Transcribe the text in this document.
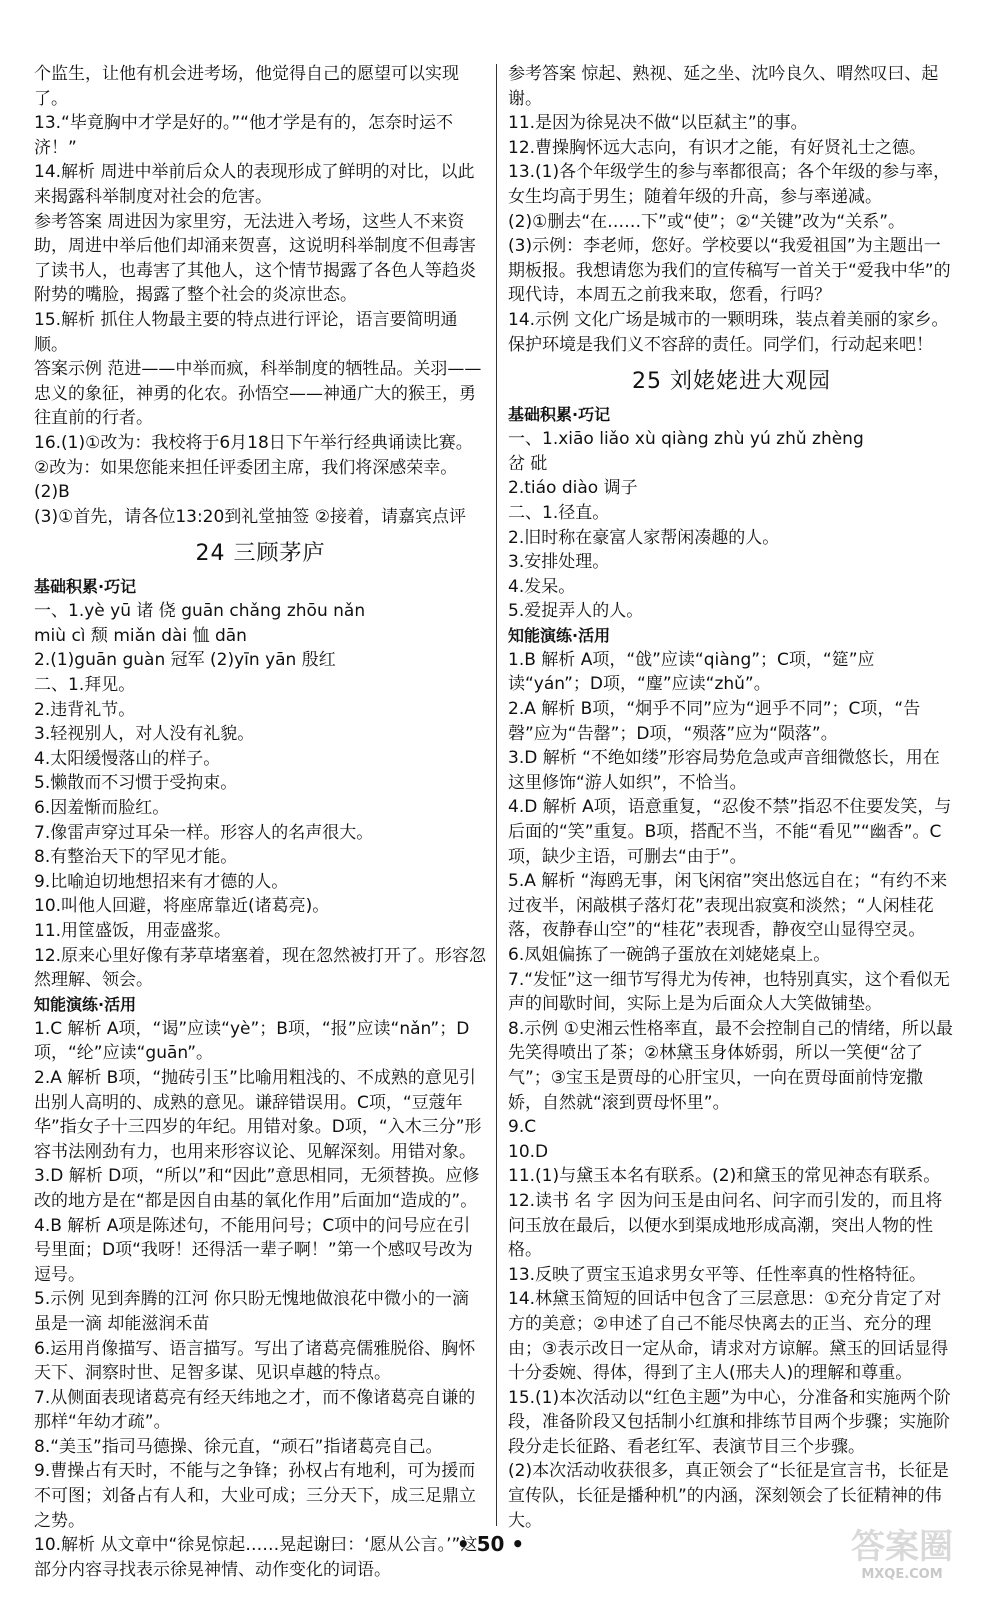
个监生，让他有机会进考场，他觉得自己的愿望可以实现了。
13.“毕竟胸中才学是好的。”“他才学是有的，怎奈时运不济！”
14.解析 周进中举前后众人的表现形成了鲜明的对比，以此来揭露科举制度对社会的危害。
参考答案 周进因为家里穷，无法进入考场，这些人不来资助，周进中举后他们却涌来贺喜，这说明科举制度不但毒害了读书人，也毒害了其他人，这个情节揭露了各色人等趋炎附势的嘴脸，揭露了整个社会的炎凉世态。
15.解析 抓住人物最主要的特点进行评论，语言要简明通顺。
答案示例 范进——中举而疯，科举制度的牺牲品。关羽——忠义的象征，神勇的化农。孙悟空——神通广大的猴王，勇往直前的行者。
16.(1)①改为：我校将于6月18日下午举行经典诵读比赛。
②改为：如果您能来担任评委团主席，我们将深感荣幸。
(2)B
(3)①首先，请各位13:20到礼堂抽签 ②接着，请嘉宾点评
24 三顾茅庐
基础积累·巧记
一、1.yè yū 诸 侥 guān chǎng zhōu nǎn
miù cì 颓 miǎn dài 恤 dān
2.(1)guān guàn 冠军 (2)yīn yān 殷红
二、1.拜见。
2.违背礼节。
3.轻视别人，对人没有礼貌。
4.太阳缓慢落山的样子。
5.懒散而不习惯于受拘束。
6.因羞惭而脸红。
7.像雷声穿过耳朵一样。形容人的名声很大。
8.有整治天下的罕见才能。
9.比喻迫切地想招来有才德的人。
10.叫他人回避，将座席靠近(诸葛亮)。
11.用筐盛饭，用壶盛浆。
12.原来心里好像有茅草堵塞着，现在忽然被打开了。形容忽然理解、领会。
知能演练·活用
1.C 解析 A项，“谒”应读“yè”；B项，“报”应读“nǎn”；D项，“纶”应读“guān”。
2.A 解析 B项，“抛砖引玉”比喻用粗浅的、不成熟的意见引出别人高明的、成熟的意见。谦辞错误用。C项，“豆蔻年华”指女子十三四岁的年纪。用错对象。D项，“入木三分”形容书法刚劲有力，也用来形容议论、见解深刻。用错对象。
3.D 解析 D项，“所以”和“因此”意思相同，无须替换。应修改的地方是在“都是因自由基的氧化作用”后面加“造成的”。
4.B 解析 A项是陈述句，不能用问号；C项中的问号应在引号里面；D项“我呀！还得活一辈子啊！”第一个感叹号改为逗号。
5.示例 见到奔腾的江河 你只盼无愧地做浪花中微小的一滴 虽是一滴 却能滋润禾苗
6.运用肖像描写、语言描写。写出了诸葛亮儒雅脱俗、胸怀天下、洞察时世、足智多谋、见识卓越的特点。
7.从侧面表现诸葛亮有经天纬地之才，而不像诸葛亮自谦的那样“年幼才疏”。
8.“美玉”指司马德操、徐元直，“顽石”指诸葛亮自己。
9.曹操占有天时，不能与之争锋；孙权占有地利，可为援而不可图；刘备占有人和，大业可成；三分天下，成三足鼎立之势。
10.解析 从文章中“徐晃惊起……晃起谢曰：‘愿从公言。’”这部分内容寻找表示徐晃神情、动作变化的词语。
参考答案 惊起、熟视、延之坐、沈吟良久、喟然叹曰、起谢。
11.是因为徐晃决不做“以臣弑主”的事。
12.曹操胸怀远大志向，有识才之能，有好贤礼士之德。
13.(1)各个年级学生的参与率都很高；各个年级的参与率，女生均高于男生；随着年级的升高，参与率递减。
(2)①删去“在……下”或“使”；②“关键”改为“关系”。
(3)示例：李老师，您好。学校要以“我爱祖国”为主题出一期板报。我想请您为我们的宣传稿写一首关于“爱我中华”的现代诗，本周五之前我来取，您看，行吗？
14.示例 文化广场是城市的一颗明珠，装点着美丽的家乡。保护环境是我们义不容辞的责任。同学们，行动起来吧！
25 刘姥姥进大观园
基础积累·巧记
一、1.xiāo liǎo xù qiàng zhù yú zhǔ zhèng
岔 砒
2.tiáo diào 调子
二、1.径直。
2.旧时称在豪富人家帮闲凑趣的人。
3.安排处理。
4.发呆。
5.爱捉弄人的人。
知能演练·活用
1.B 解析 A项，“戗”应读“qiàng”；C项，“筵”应读“yán”；D项，“麈”应读“zhǔ”。
2.A 解析 B项，“炯乎不同”应为“迥乎不同”；C项，“告磬”应为“告罄”；D项，“殒落”应为“陨落”。
3.D 解析 “不绝如缕”形容局势危急或声音细微悠长，用在这里修饰“游人如织”，不恰当。
4.D 解析 A项，语意重复，“忍俊不禁”指忍不住要发笑，与后面的“笑”重复。B项，搭配不当，不能“看见”“幽香”。C项，缺少主语，可删去“由于”。
5.A 解析 “海鸥无事，闲飞闲宿”突出悠远自在；“有约不来过夜半，闲敲棋子落灯花”表现出寂寞和淡然；“人闲桂花落，夜静春山空”的“桂花”表现香，静夜空山显得空灵。
6.凤姐偏拣了一碗鸽子蛋放在刘姥姥桌上。
7.“发怔”这一细节写得尤为传神，也特别真实，这个看似无声的间歇时间，实际上是为后面众人大笑做铺垫。
8.示例 ①史湘云性格率直，最不会控制自己的情绪，所以最先笑得喷出了茶；②林黛玉身体娇弱，所以一笑便“岔了气”；③宝玉是贾母的心肝宝贝，一向在贾母面前恃宠撒娇，自然就“滚到贾母怀里”。
9.C
10.D
11.(1)与黛玉本名有联系。(2)和黛玉的常见神态有联系。
12.读书 名 字 因为问玉是由问名、问字而引发的，而且将问玉放在最后，以便水到渠成地形成高潮，突出人物的性格。
13.反映了贾宝玉追求男女平等、任性率真的性格特征。
14.林黛玉简短的回话中包含了三层意思：①充分肯定了对方的美意；②申述了自己不能尽快离去的正当、充分的理由；③表示改日一定从命，请求对方谅解。黛玉的回话显得十分委婉、得体，得到了主人(邢夫人)的理解和尊重。
15.(1)本次活动以“红色主题”为中心，分准备和实施两个阶段，准备阶段又包括制小红旗和排练节目两个步骤；实施阶段分走长征路、看老红军、表演节目三个步骤。
(2)本次活动收获很多，真正领会了“长征是宣言书，长征是宣传队，长征是播种机”的内涵，深刻领会了长征精神的伟大。
• 50 •	答案圈
MXQE.COM
